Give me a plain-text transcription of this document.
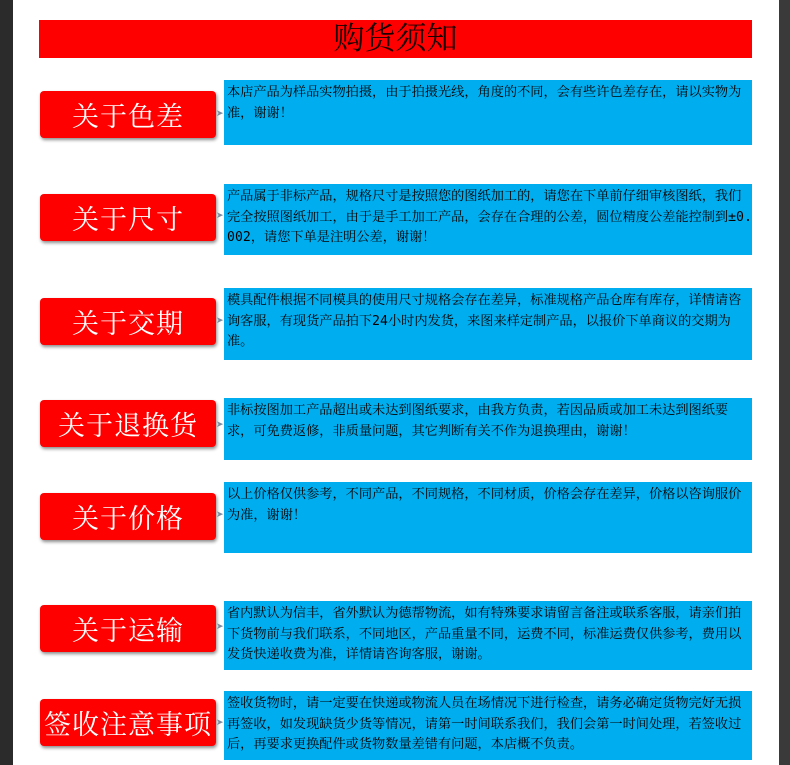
购货须知
关于色差	➤
本店产品为样品实物拍摄，由于拍摄光线，角度的不同，会有些许色差存在，请以实物为准，谢谢！
关于尺寸	➤
产品属于非标产品，规格尺寸是按照您的图纸加工的，请您在下单前仔细审核图纸，我们完全按照图纸加工，由于是手工加工产品，会存在合理的公差，圆位精度公差能控制到±0.002，请您下单是注明公差，谢谢！
关于交期	➤
模具配件根据不同模具的使用尺寸规格会存在差异，标准规格产品仓库有库存，详情请咨询客服，有现货产品拍下24小时内发货，来图来样定制产品，以报价下单商议的交期为准。
关于退换货	➤
非标按图加工产品超出或未达到图纸要求，由我方负责，若因品质或加工未达到图纸要求，可免费返修，非质量问题，其它判断有关不作为退换理由，谢谢！
关于价格	➤
以上价格仅供参考，不同产品，不同规格，不同材质，价格会存在差异，价格以咨询服价为准，谢谢！
关于运输	➤
省内默认为信丰，省外默认为德帮物流，如有特殊要求请留言备注或联系客服，请亲们拍下货物前与我们联系，不同地区，产品重量不同，运费不同，标准运费仅供参考，费用以发货快递收费为准，详情请咨询客服，谢谢。
签收注意事项 ➤
签收货物时，请一定要在快递或物流人员在场情况下进行检查，请务必确定货物完好无损再签收，如发现缺货少货等情况，请第一时间联系我们，我们会第一时间处理，若签收过后，再要求更换配件或货物数量差错有问题，本店概不负责。
